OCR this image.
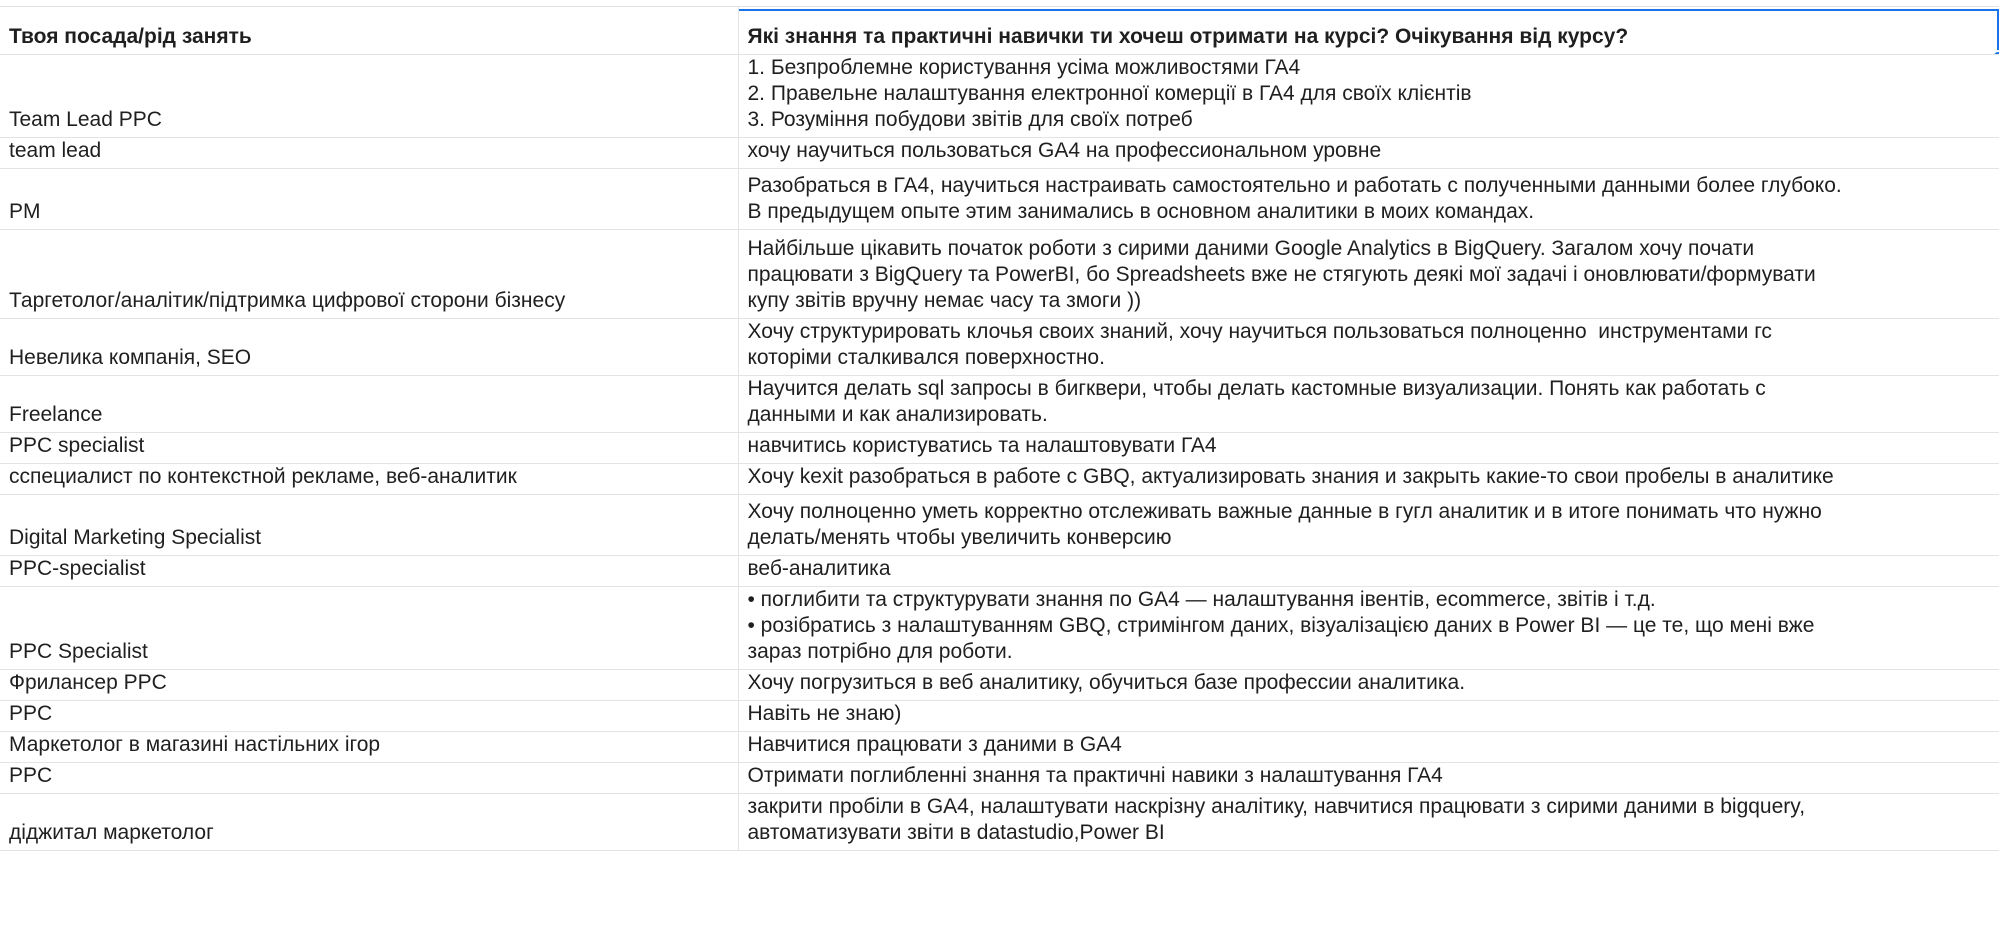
Твоя посада/рід занять	Які знання та практичні навички ти хочеш отримати на курсі? Очікування від курсу?

Team Lead PPC	1. Безпроблемне користування усіма можливостями ГА4
2. Правельне налаштування електронної комерції в ГА4 для своїх клієнтів
3. Розуміння побудови звітів для своїх потреб
team lead	хочу научиться пользоваться GA4 на профессиональном уровне
PM	Разобраться в ГА4, научиться настраивать самостоятельно и работать с полученными данными более глубоко.
В предыдущем опыте этим занимались в основном аналитики в моих командах.
Таргетолог/аналітик/підтримка цифрової сторони бізнесу	Найбільше цікавить початок роботи з сирими даними Google Analytics в BigQuery. Загалом хочу почати
працювати з BigQuery та PowerBI, бо Spreadsheets вже не стягують деякі мої задачі і оновлювати/формувати
купу звітів вручну немає часу та змоги ))
Невелика компанія, SEO	Хочу структурировать клочья своих знаний, хочу научиться пользоваться полноценно  инструментами гс
которіми сталкивался поверхностно.
Freelance	Научится делать sql запросы в бигквери, чтобы делать кастомные визуализации. Понять как работать с
данными и как анализировать.
PPC specialist	навчитись користуватись та налаштовувати ГА4
сспециалист по контекстной рекламе, веб-аналитик	Хочу kexit разобраться в работе с GBQ, актуализировать знания и закрыть какие-то свои пробелы в аналитике
Digital Marketing Specialist	Хочу полноценно уметь корректно отслеживать важные данные в гугл аналитик и в итоге понимать что нужно
делать/менять чтобы увеличить конверсию
PPC-specialist	веб-аналитика
PPC Specialist	• поглибити та структурувати знання по GA4 — налаштування івентів, ecommerce, звітів і т.д.
• розібратись з налаштуванням GBQ, стримінгом даних, візуалізацією даних в Power BI — це те, що мені вже
зараз потрібно для роботи.
Фрилансер PPC	Хочу погрузиться в веб аналитику, обучиться базе профессии аналитика.
PPC	Навіть не знаю)
Маркетолог в магазині настільних ігор	Навчитися працювати з даними в GA4
PPC	Отримати поглибленні знання та практичні навики з налаштування ГА4
діджитал маркетолог	закрити пробіли в GA4, налаштувати наскрізну аналітику, навчитися працювати з сирими даними в bigquery,
автоматизувати звіти в datastudio,Power BI
